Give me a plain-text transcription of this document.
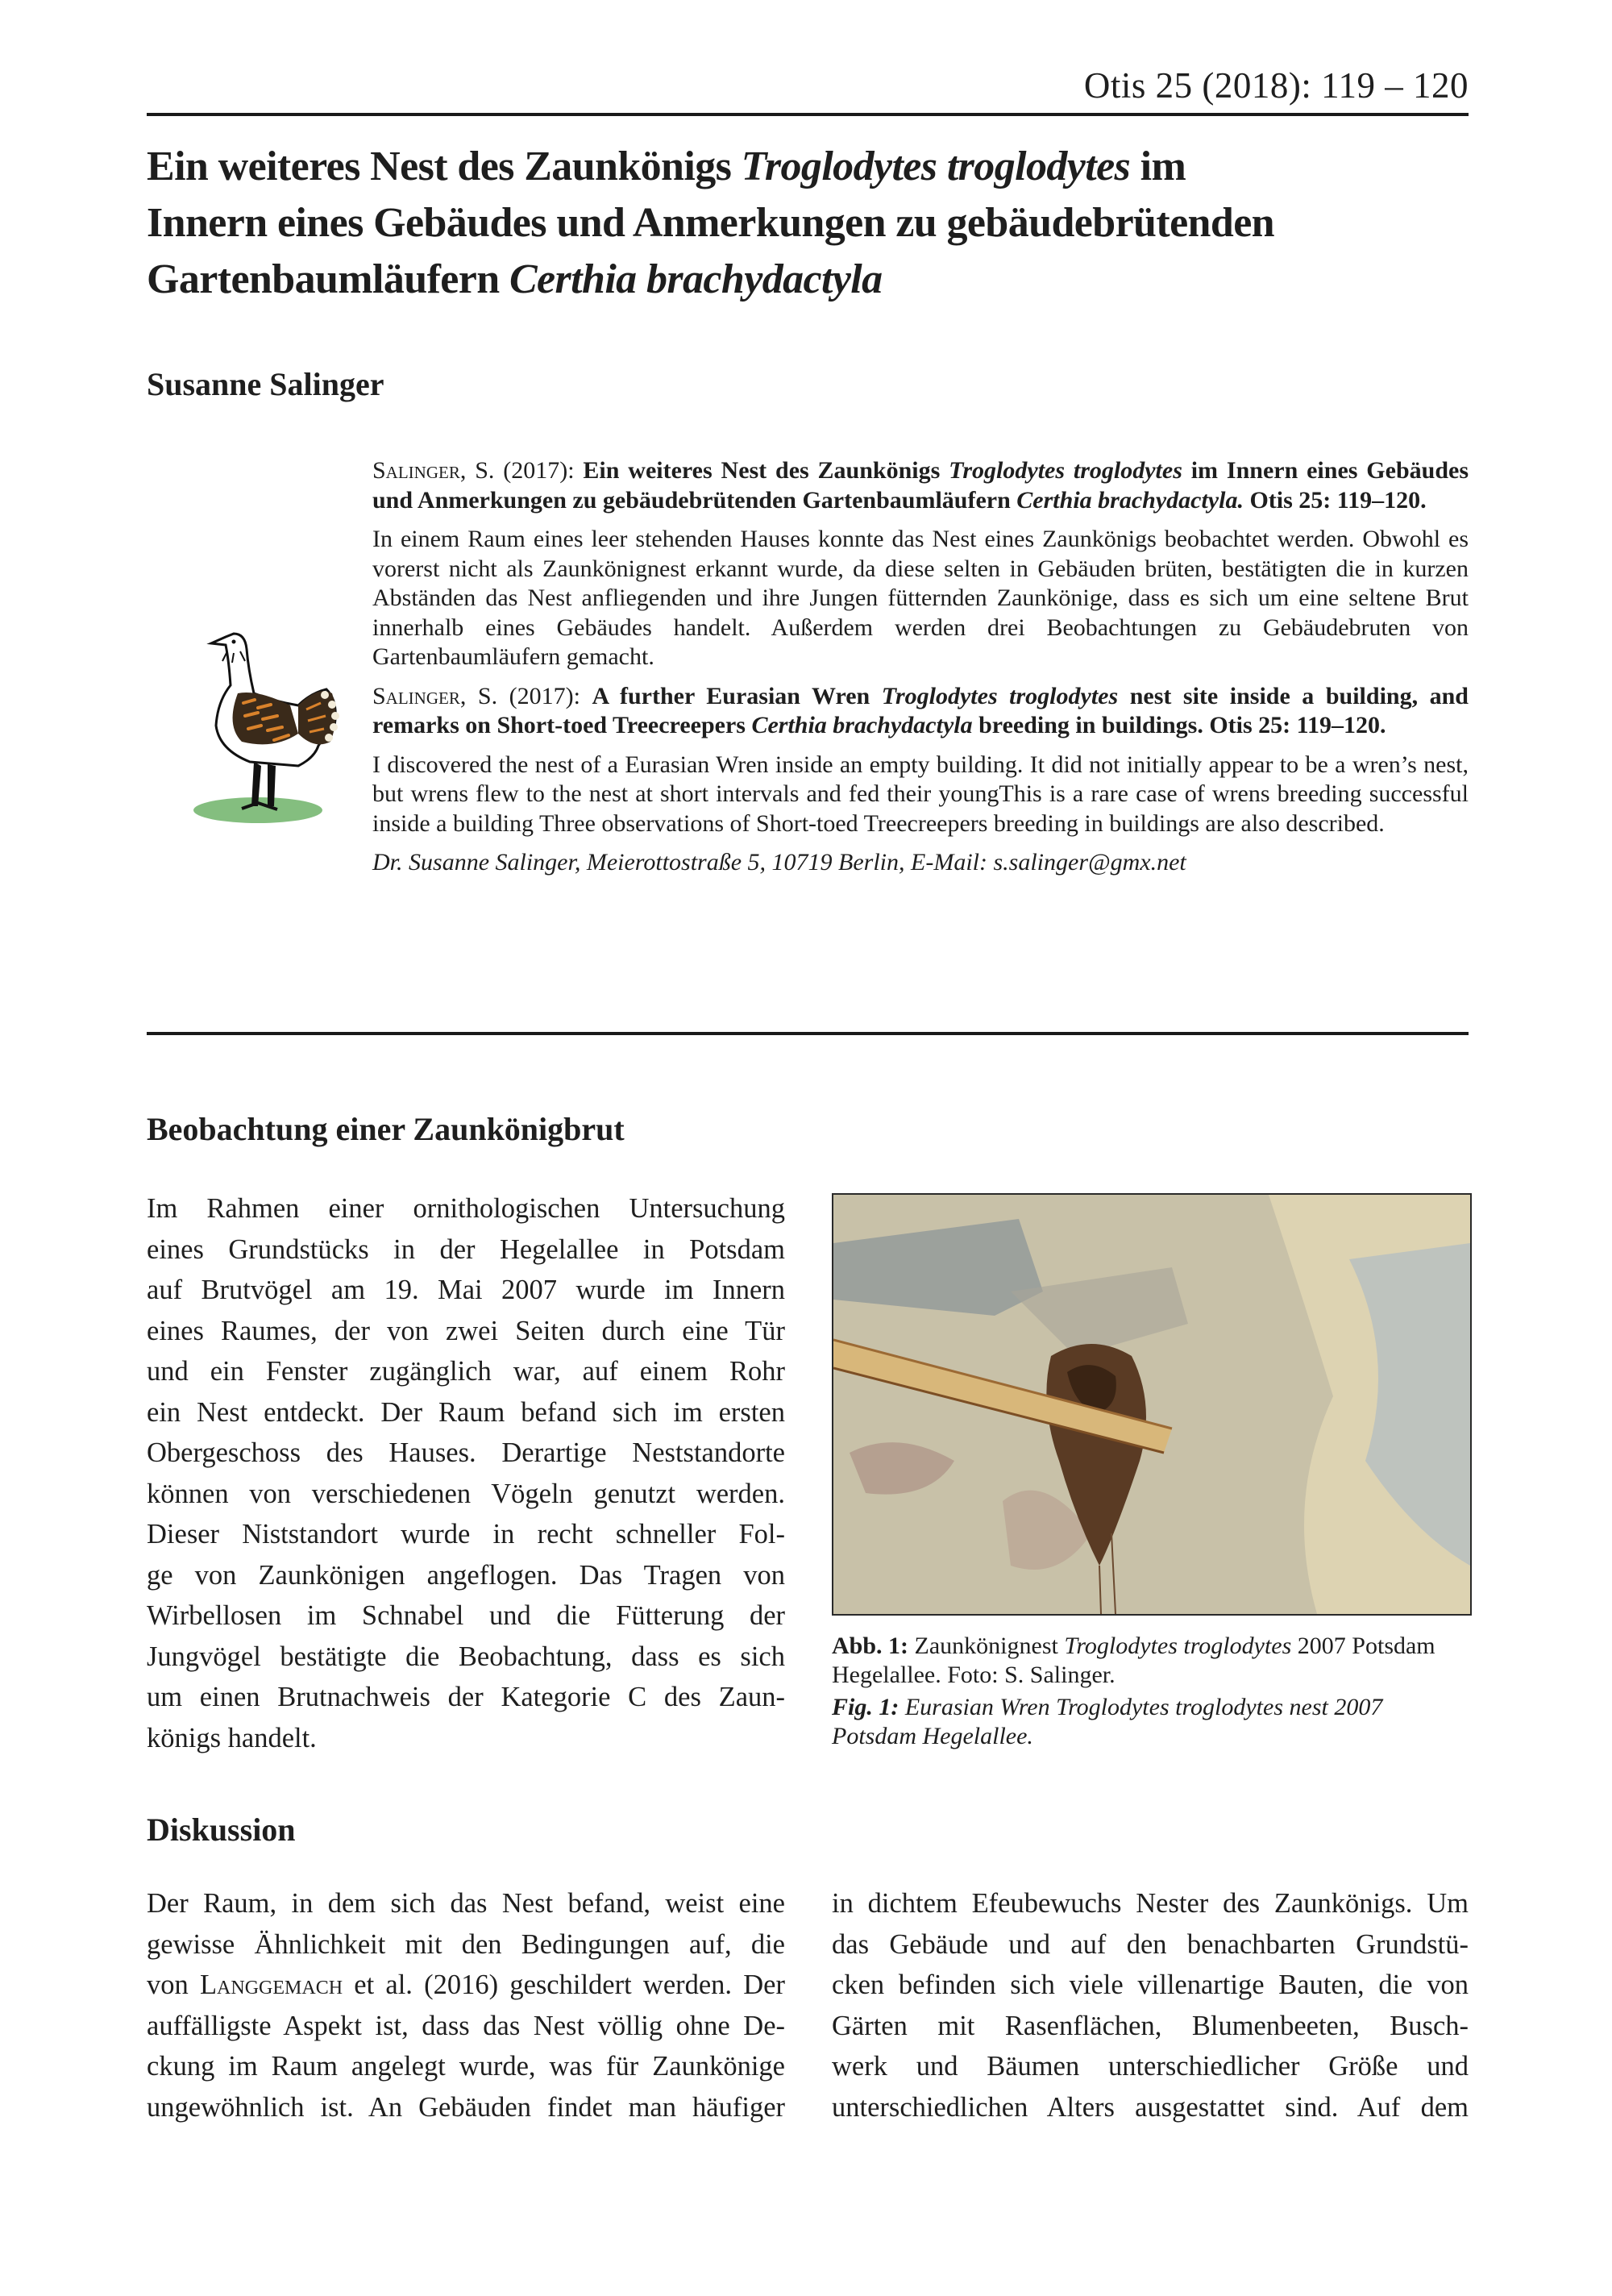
Otis 25 (2018): 119 – 120
Ein weiteres Nest des Zaunkönigs Troglodytes troglodytes im
Innern eines Gebäudes und Anmerkungen zu gebäudebrütenden
Gartenbaumläufern Certhia brachydactyla
Susanne Salinger

Salinger, S. (2017): Ein weiteres Nest des Zaunkönigs Troglodytes troglodytes im Innern eines Gebäudes und Anmerkungen zu gebäudebrütenden Gartenbaumläufern Certhia brachydactyla. Otis 25: 119–120.

In einem Raum eines leer stehenden Hauses konnte das Nest eines Zaunkönigs beobachtet werden. Obwohl es vorerst nicht als Zaunkönignest erkannt wurde, da diese selten in Gebäuden brüten, bestätigten die in kurzen Abständen das Nest anfliegenden und ihre Jungen fütternden Zaunkönige, dass es sich um eine seltene Brut innerhalb eines Gebäudes handelt. Außerdem werden drei Beobachtungen zu Gebäudebruten von Gartenbaumläufern gemacht.

Salinger, S. (2017): A further Eurasian Wren Troglodytes troglodytes nest site inside a building, and remarks on Short-toed Treecreepers Certhia brachydactyla breeding in buildings. Otis 25: 119–120.

I discovered the nest of a Eurasian Wren inside an empty building. It did not initially appear to be a wren’s nest, but wrens flew to the nest at short intervals and fed their youngThis is a rare case of wrens breeding successful inside a building Three observations of Short-toed Treecreepers breeding in buildings are also described.

Dr. Susanne Salinger, Meierottostraße 5, 10719 Berlin, E-Mail: s.salinger@gmx.net

Beobachtung einer Zaunkönigbrut
Im Rahmen einer ornithologischen Untersuchung
eines Grundstücks in der Hegelallee in Potsdam
auf Brutvögel am 19. Mai 2007 wurde im Innern
eines Raumes, der von zwei Seiten durch eine Tür
und ein Fenster zugänglich war, auf einem Rohr
ein Nest entdeckt. Der Raum befand sich im ersten
Obergeschoss des Hauses. Derartige Neststandorte
können von verschiedenen Vögeln genutzt werden.
Dieser Niststandort wurde in recht schneller Fol-
ge von Zaunkönigen angeflogen. Das Tragen von
Wirbellosen im Schnabel und die Fütterung der
Jungvögel bestätigte die Beobachtung, dass es sich
um einen Brutnachweis der Kategorie C des Zaun-
königs handelt.

Abb. 1: Zaunkönignest Troglodytes troglodytes 2007 Potsdam Hegelallee. Foto: S. Salinger.

Fig. 1: Eurasian Wren Troglodytes troglodytes nest 2007 Potsdam Hegelallee.

Diskussion
Der Raum, in dem sich das Nest befand, weist eine
gewisse Ähnlichkeit mit den Bedingungen auf, die
von Langgemach et al. (2016) geschildert werden. Der
auffälligste Aspekt ist, dass das Nest völlig ohne De-
ckung im Raum angelegt wurde, was für Zaunkönige
ungewöhnlich ist. An Gebäuden findet man häufiger
in dichtem Efeubewuchs Nester des Zaunkönigs. Um
das Gebäude und auf den benachbarten Grundstü-
cken befinden sich viele villenartige Bauten, die von
Gärten mit Rasenflächen, Blumenbeeten, Busch-
werk und Bäumen unterschiedlicher Größe und
unterschiedlichen Alters ausgestattet sind. Auf dem
